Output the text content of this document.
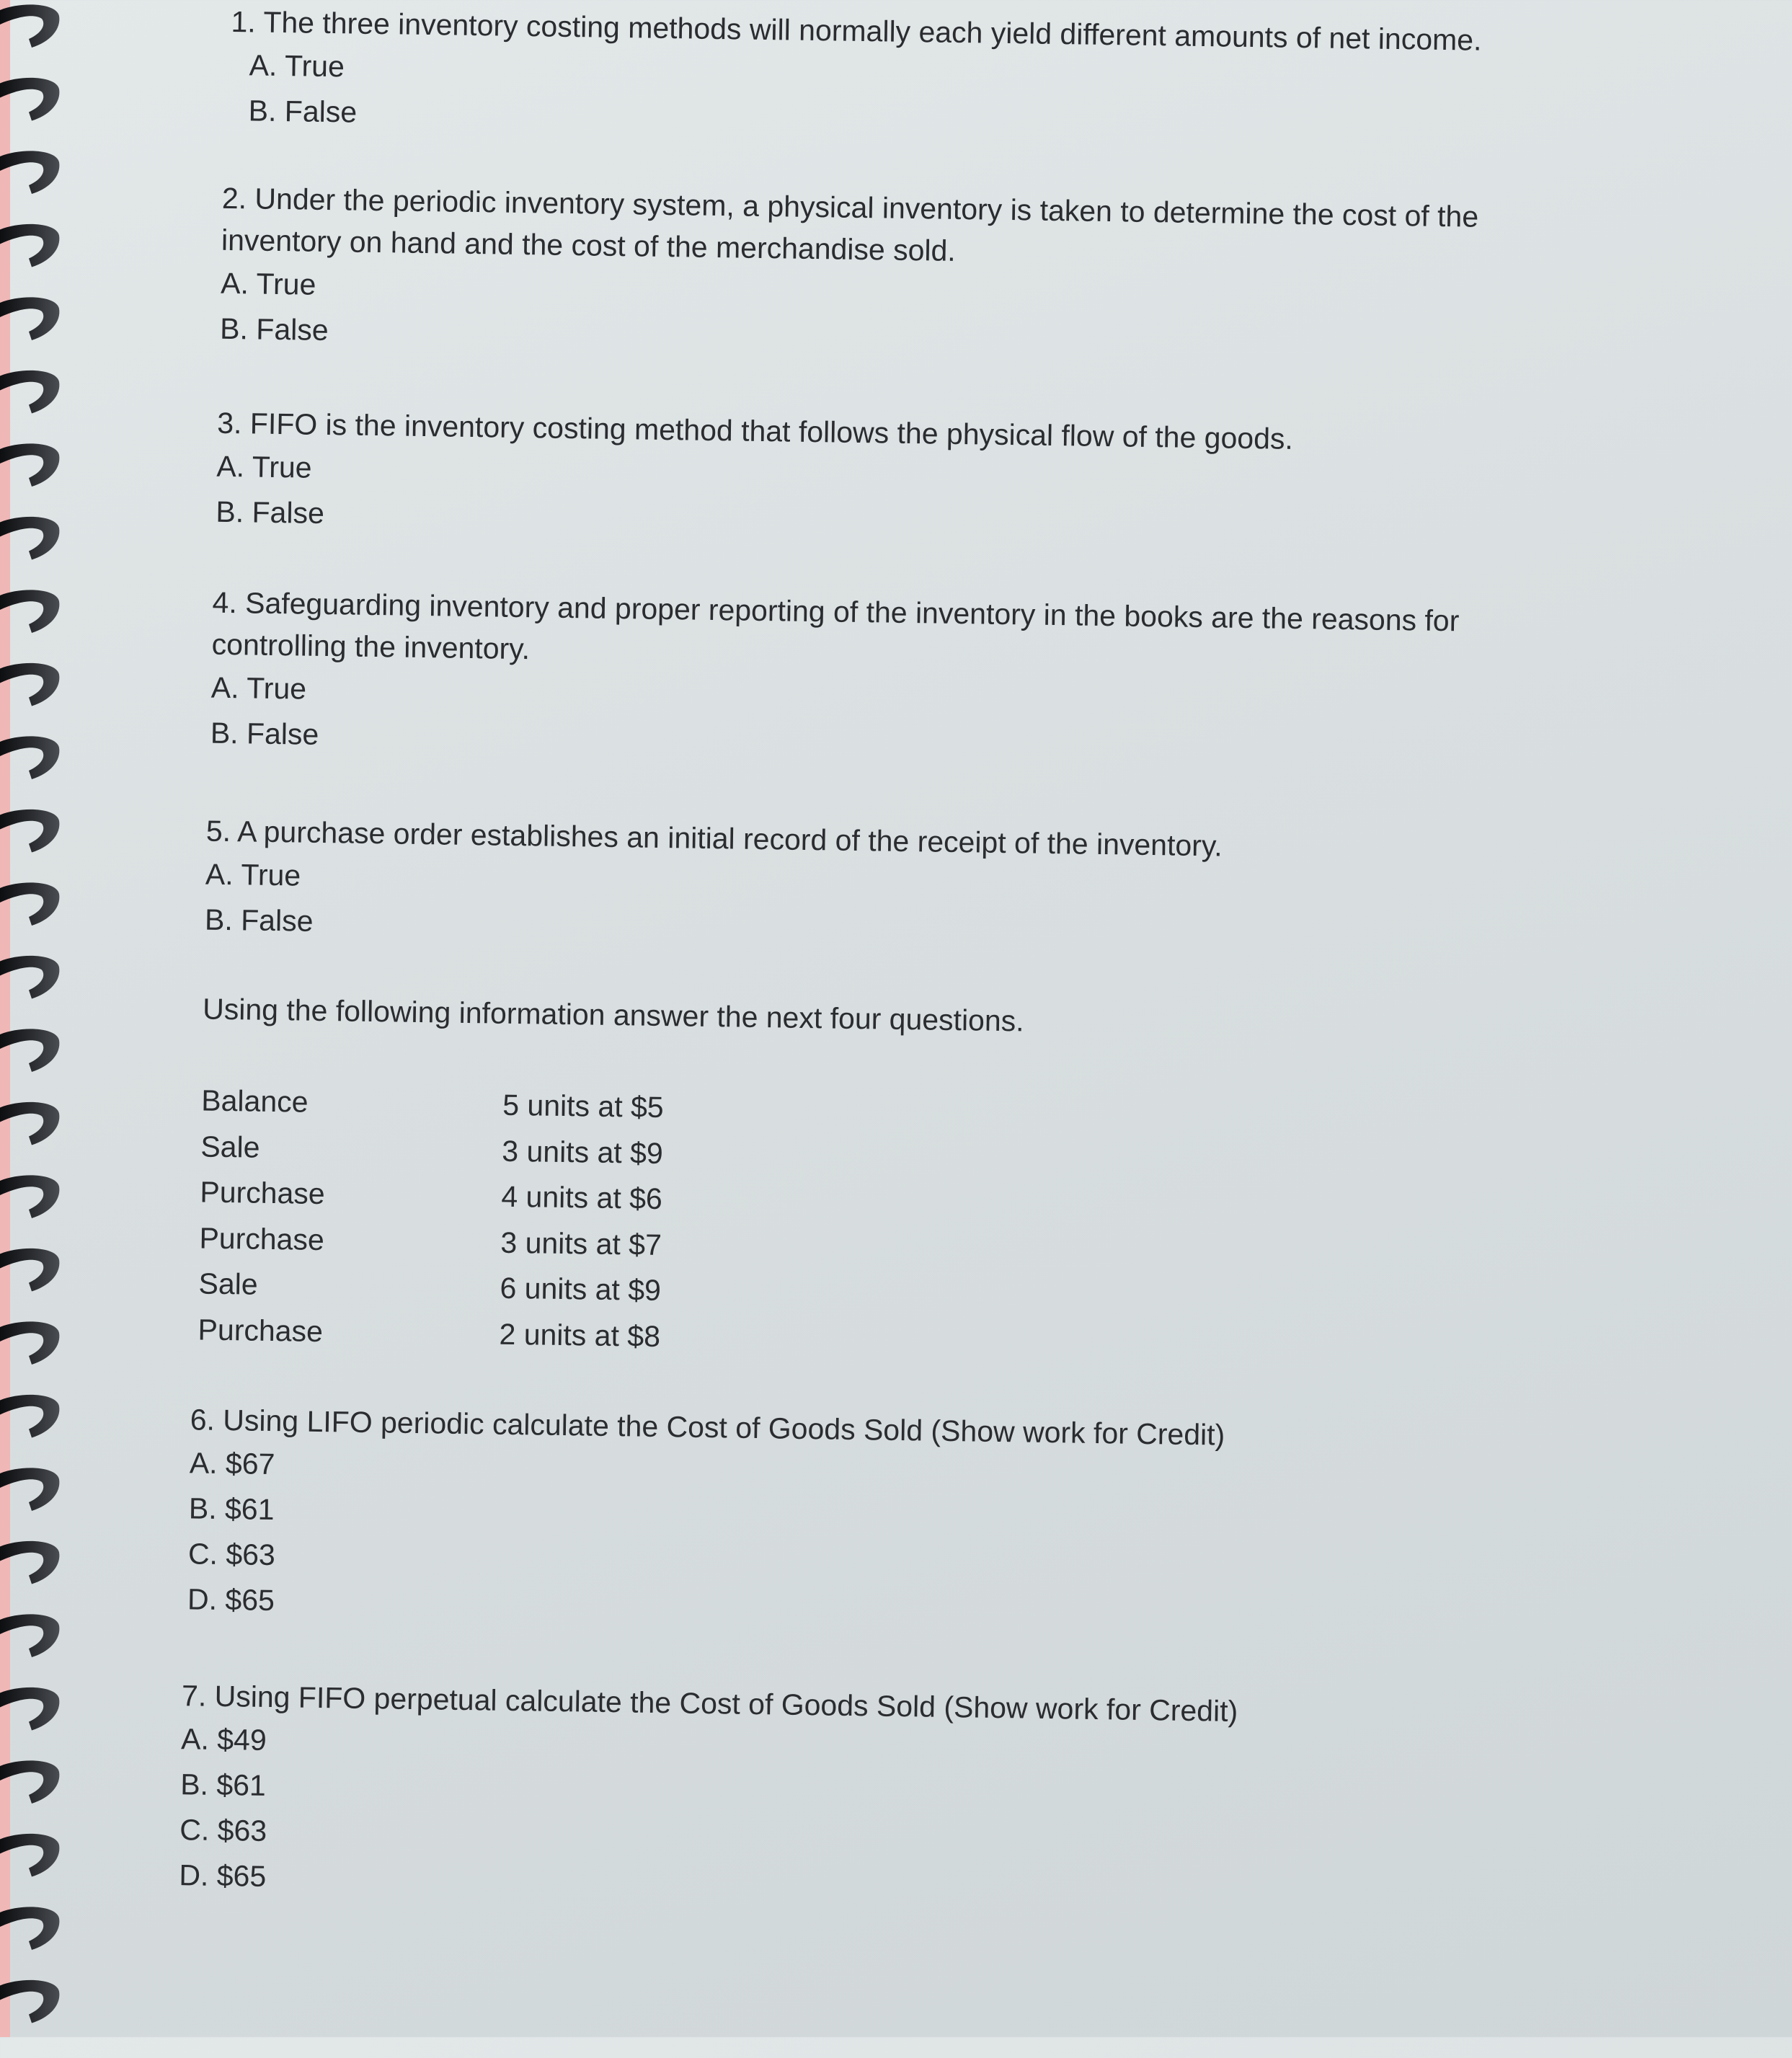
1. The three inventory costing methods will normally each yield different amounts of net income.

A. True

B. False

2. Under the periodic inventory system, a physical inventory is taken to determine the cost of the inventory on hand and the cost of the merchandise sold.

A. True

B. False

3. FIFO is the inventory costing method that follows the physical flow of the goods.

A. True

B. False

4. Safeguarding inventory and proper reporting of the inventory in the books are the reasons for controlling the inventory.

A. True

B. False

5. A purchase order establishes an initial record of the receipt of the inventory.

A. True

B. False

Using the following information answer the next four questions.
Balance	5 units at $5
Sale	3 units at $9
Purchase	4 units at $6
Purchase	3 units at $7
Sale	6 units at $9
Purchase	2 units at $8

6. Using LIFO periodic calculate the Cost of Goods Sold (Show work for Credit)

A. $67

B. $61

C. $63

D. $65

7. Using FIFO perpetual calculate the Cost of Goods Sold (Show work for Credit)

A. $49

B. $61

C. $63

D. $65
